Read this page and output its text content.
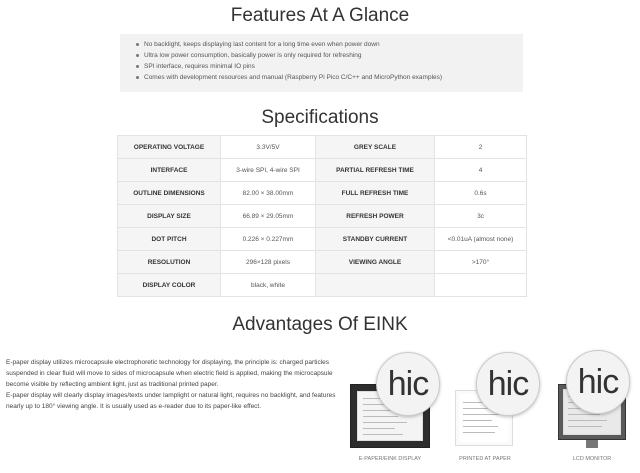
Features At A Glance
No backlight, keeps displaying last content for a long time even when power down
Ultra low power consumption, basically power is only required for refreshing
SPI interface, requires minimal IO pins
Comes with development resources and manual (Raspberry Pi Pico C/C++ and MicroPython examples)
Specifications
OPERATING VOLTAGE	3.3V/5V	GREY SCALE	2
INTERFACE	3-wire SPI, 4-wire SPI	PARTIAL REFRESH TIME	4
OUTLINE DIMENSIONS	82.00 × 38.00mm	FULL REFRESH TIME	0.6s
DISPLAY SIZE	66.89 × 29.05mm	REFRESH POWER	3c
DOT PITCH	0.226 × 0.227mm	STANDBY CURRENT	<0.01uA (almost none)
RESOLUTION	296×128 pixels	VIEWING ANGLE	>170°
DISPLAY COLOR	black, white		
Advantages Of EINK

E-paper display utilizes microcapsule electrophoretic technology for displaying, the principle is: charged particles suspended in clear fluid will move to sides of microcapsule when electric field is applied, making the microcapsule become visible by reflecting ambient light, just as traditional printed paper.

E-paper display will clearly display images/texts under lamplight or natural light, requires no backlight, and features nearly up to 180° viewing angle. It is usually used as e-reader due to its paper-like effect.

hic
E-PAPER/EINK DISPLAY
hic
PRINTED AT PAPER
hic
LCD MONITOR
